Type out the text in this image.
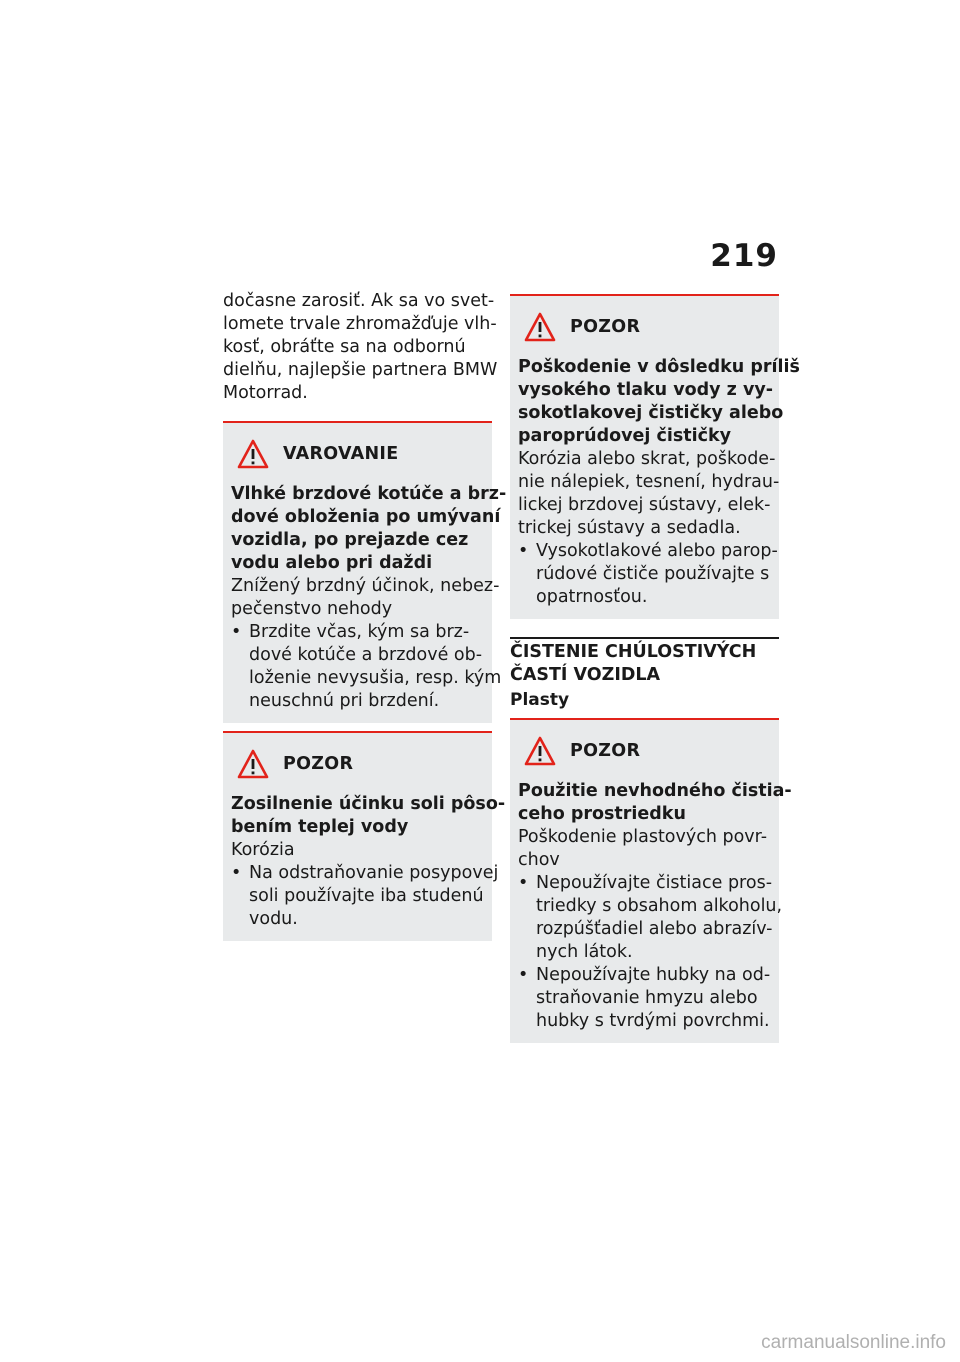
219

dočasne zarosiť. Ak sa vo svet-
lomete trvale zhromažďuje vlh-
kosť, obráťte sa na odbornú
dielňu, najlepšie partnera BMW
Motorrad.

VAROVANIE
Vlhké brzdové kotúče a brz-
dové obloženia po umývaní
vozidla, po prejazde cez
vodu alebo pri daždi
Znížený brzdný účinok, nebez-
pečenstvo nehody
• Brzdite včas, kým sa brz-
dové kotúče a brzdové ob-
loženie nevysušia, resp. kým
neuschnú pri brzdení.
POZOR
Zosilnenie účinku soli pôso-
bením teplej vody
Korózia
• Na odstraňovanie posypovej
soli používajte iba studenú
vodu.
POZOR
Poškodenie v dôsledku príliš
vysokého tlaku vody z vy-
sokotlakovej čističky alebo
paroprúdovej čističky
Korózia alebo skrat, poškode-
nie nálepiek, tesnení, hydrau-
lickej brzdovej sústavy, elek-
trickej sústavy a sedadla.
• Vysokotlakové alebo parop-
rúdové čističe používajte s
opatrnosťou.
ČISTENIE CHÚLOSTIVÝCH
ČASTÍ VOZIDLA
Plasty
POZOR
Použitie nevhodného čistia-
ceho prostriedku
Poškodenie plastových povr-
chov
• Nepoužívajte čistiace pros-
triedky s obsahom alkoholu,
rozpúšťadiel alebo abrazív-
nych látok.
• Nepoužívajte hubky na od-
straňovanie hmyzu alebo
hubky s tvrdými povrchmi.
carmanualsonline.info
